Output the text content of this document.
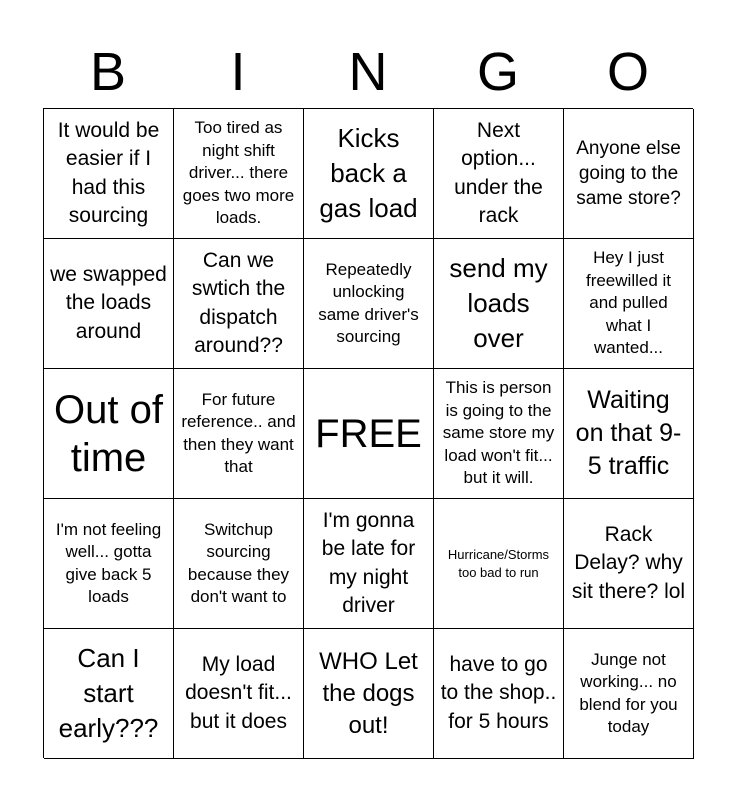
B	I	N	G	O
It would be easier if I had this sourcing
Too tired as night shift driver... there goes two more loads.
Kicks back a gas load
Next option... under the rack
Anyone else going to the same store?
we swapped the loads around
Can we swtich the dispatch around??
Repeatedly unlocking same driver's sourcing
send my loads over
Hey I just freewilled it and pulled what I wanted...
Out of time
For future reference.. and then they want that
FREE
This is person is going to the same store my load won't fit... but it will.
Waiting on that 9-5 traffic
I'm not feeling well... gotta give back 5 loads
Switchup sourcing because they don't want to
I'm gonna be late for my night driver
Hurricane/Storms too bad to run
Rack Delay? why sit there? lol
Can I start early???
My load doesn't fit... but it does
WHO Let the dogs out!
have to go to the shop.. for 5 hours
Junge not working... no blend for you today
